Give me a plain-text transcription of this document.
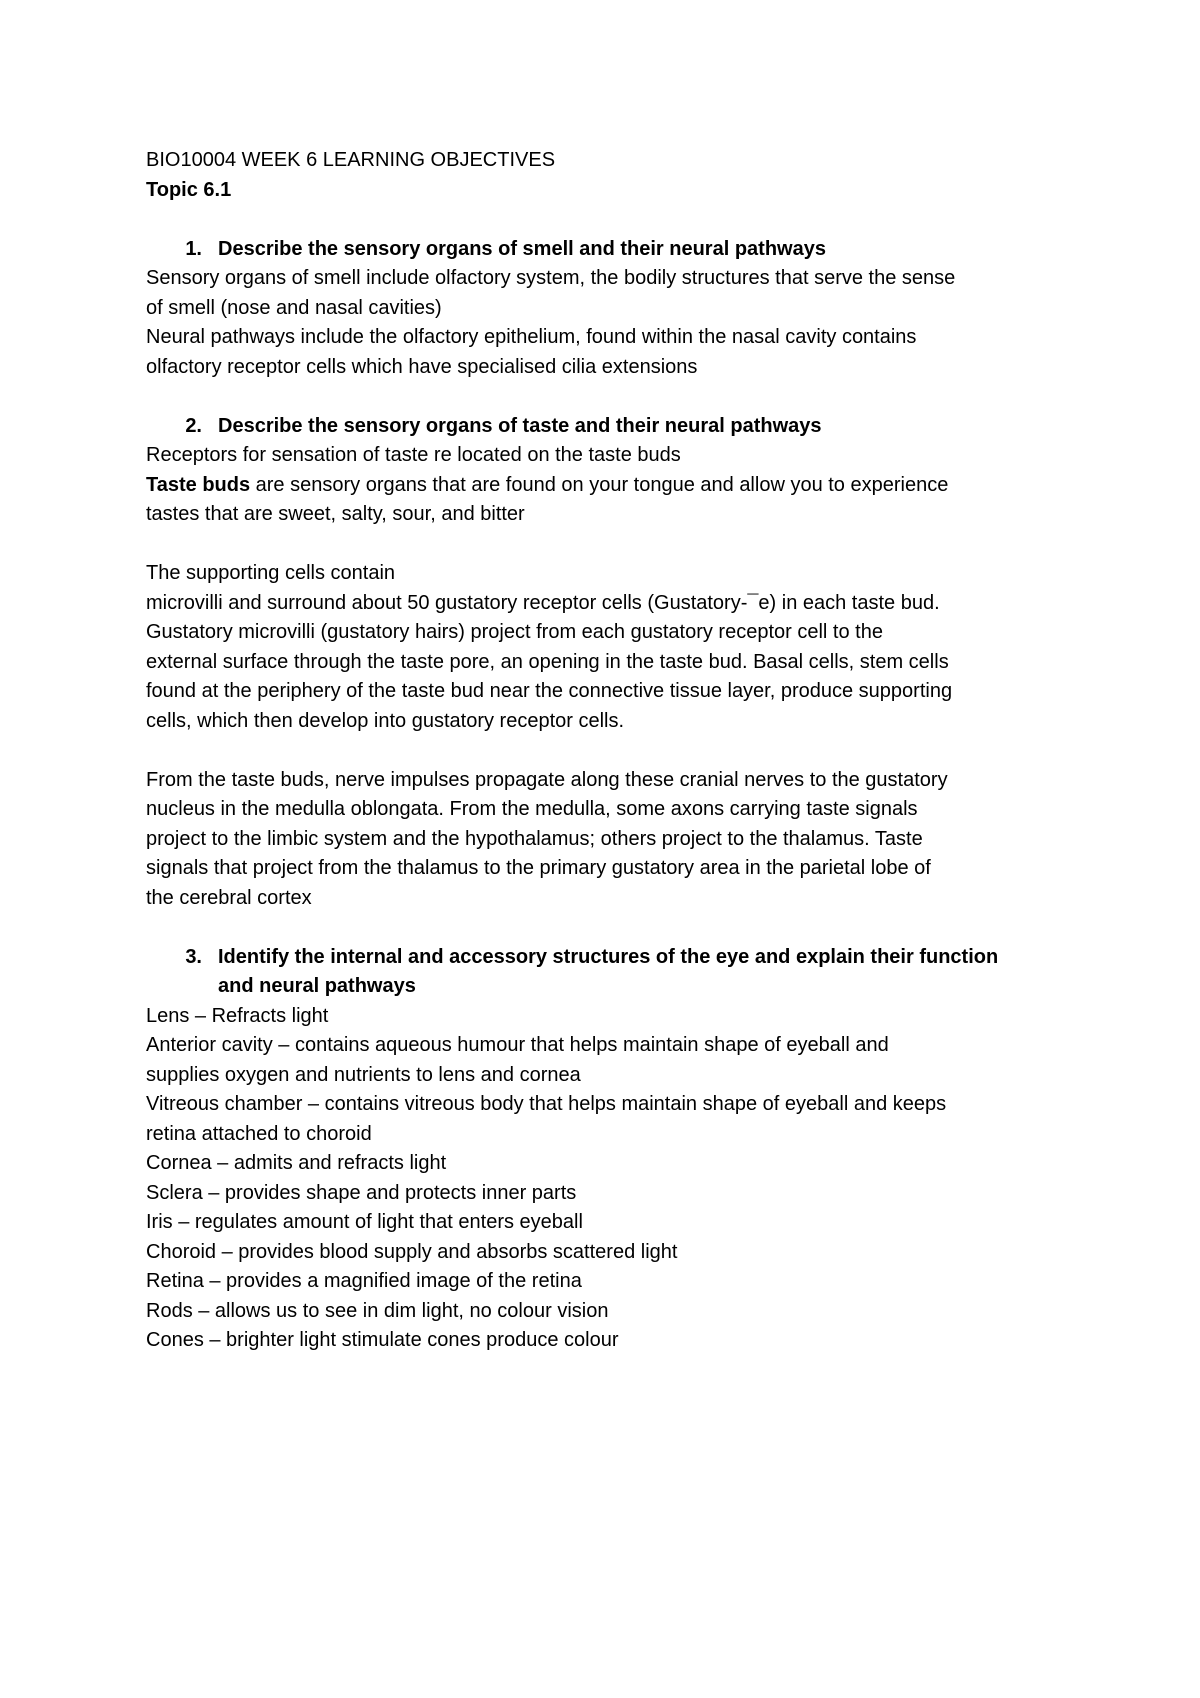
BIO10004 WEEK 6 LEARNING OBJECTIVES
Topic 6.1
1. Describe the sensory organs of smell and their neural pathways
Sensory organs of smell include olfactory system, the bodily structures that serve the sense
of smell (nose and nasal cavities)
Neural pathways include the olfactory epithelium, found within the nasal cavity contains
olfactory receptor cells which have specialised cilia extensions
2. Describe the sensory organs of taste and their neural pathways
Receptors for sensation of taste re located on the taste buds
Taste buds are sensory organs that are found on your tongue and allow you to experience
tastes that are sweet, salty, sour, and bitter
The supporting cells contain
microvilli and surround about 50 gustatory receptor cells (Gustatory-¯e) in each taste bud.
Gustatory microvilli (gustatory hairs) project from each gustatory receptor cell to the
external surface through the taste pore, an opening in the taste bud. Basal cells, stem cells
found at the periphery of the taste bud near the connective tissue layer, produce supporting
cells, which then develop into gustatory receptor cells.
From the taste buds, nerve impulses propagate along these cranial nerves to the gustatory
nucleus in the medulla oblongata. From the medulla, some axons carrying taste signals
project to the limbic system and the hypothalamus; others project to the thalamus. Taste
signals that project from the thalamus to the primary gustatory area in the parietal lobe of
the cerebral cortex
3. Identify the internal and accessory structures of the eye and explain their function
and neural pathways
Lens – Refracts light
Anterior cavity – contains aqueous humour that helps maintain shape of eyeball and
supplies oxygen and nutrients to lens and cornea
Vitreous chamber – contains vitreous body that helps maintain shape of eyeball and keeps
retina attached to choroid
Cornea – admits and refracts light
Sclera – provides shape and protects inner parts
Iris – regulates amount of light that enters eyeball
Choroid – provides blood supply and absorbs scattered light
Retina – provides a magnified image of the retina
Rods – allows us to see in dim light, no colour vision
Cones – brighter light stimulate cones produce colour
